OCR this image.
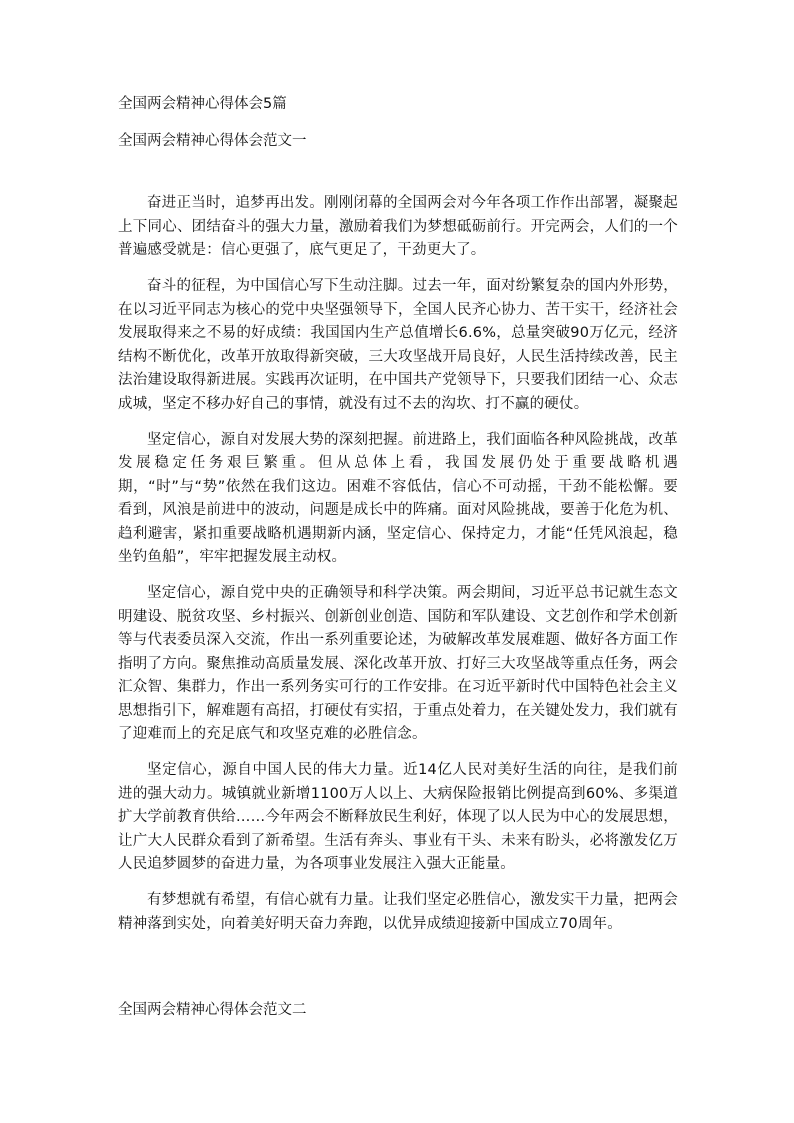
全国两会精神心得体会5篇
全国两会精神心得体会范文一

奋进正当时，追梦再出发。刚刚闭幕的全国两会对今年各项工作作出部署，凝聚起上下同心、团结奋斗的强大力量，激励着我们为梦想砥砺前行。开完两会，人们的一个普遍感受就是：信心更强了，底气更足了，干劲更大了。

奋斗的征程，为中国信心写下生动注脚。过去一年，面对纷繁复杂的国内外形势，在以习近平同志为核心的党中央坚强领导下，全国人民齐心协力、苦干实干，经济社会发展取得来之不易的好成绩：我国国内生产总值增长6.6%，总量突破90万亿元，经济结构不断优化，改革开放取得新突破，三大攻坚战开局良好，人民生活持续改善，民主法治建设取得新进展。实践再次证明，在中国共产党领导下，只要我们团结一心、众志成城，坚定不移办好自己的事情，就没有过不去的沟坎、打不赢的硬仗。

坚定信心，源自对发展大势的深刻把握。前进路上，我们面临各种风险挑战，改革发展稳定任务艰巨繁重。但从总体上看，我国发展仍处于重要战略机遇期，“时”与“势”依然在我们这边。困难不容低估，信心不可动摇，干劲不能松懈。要看到，风浪是前进中的波动，问题是成长中的阵痛。面对风险挑战，要善于化危为机、趋利避害，紧扣重要战略机遇期新内涵，坚定信心、保持定力，才能“任凭风浪起，稳坐钓鱼船”，牢牢把握发展主动权。

坚定信心，源自党中央的正确领导和科学决策。两会期间，习近平总书记就生态文明建设、脱贫攻坚、乡村振兴、创新创业创造、国防和军队建设、文艺创作和学术创新等与代表委员深入交流，作出一系列重要论述，为破解改革发展难题、做好各方面工作指明了方向。聚焦推动高质量发展、深化改革开放、打好三大攻坚战等重点任务，两会汇众智、集群力，作出一系列务实可行的工作安排。在习近平新时代中国特色社会主义思想指引下，解难题有高招，打硬仗有实招，于重点处着力，在关键处发力，我们就有了迎难而上的充足底气和攻坚克难的必胜信念。

坚定信心，源自中国人民的伟大力量。近14亿人民对美好生活的向往，是我们前进的强大动力。城镇就业新增1100万人以上、大病保险报销比例提高到60%、多渠道扩大学前教育供给……今年两会不断释放民生利好，体现了以人民为中心的发展思想，让广大人民群众看到了新希望。生活有奔头、事业有干头、未来有盼头，必将激发亿万人民追梦圆梦的奋进力量，为各项事业发展注入强大正能量。

有梦想就有希望，有信心就有力量。让我们坚定必胜信心，激发实干力量，把两会精神落到实处，向着美好明天奋力奔跑，以优异成绩迎接新中国成立70周年。

全国两会精神心得体会范文二
